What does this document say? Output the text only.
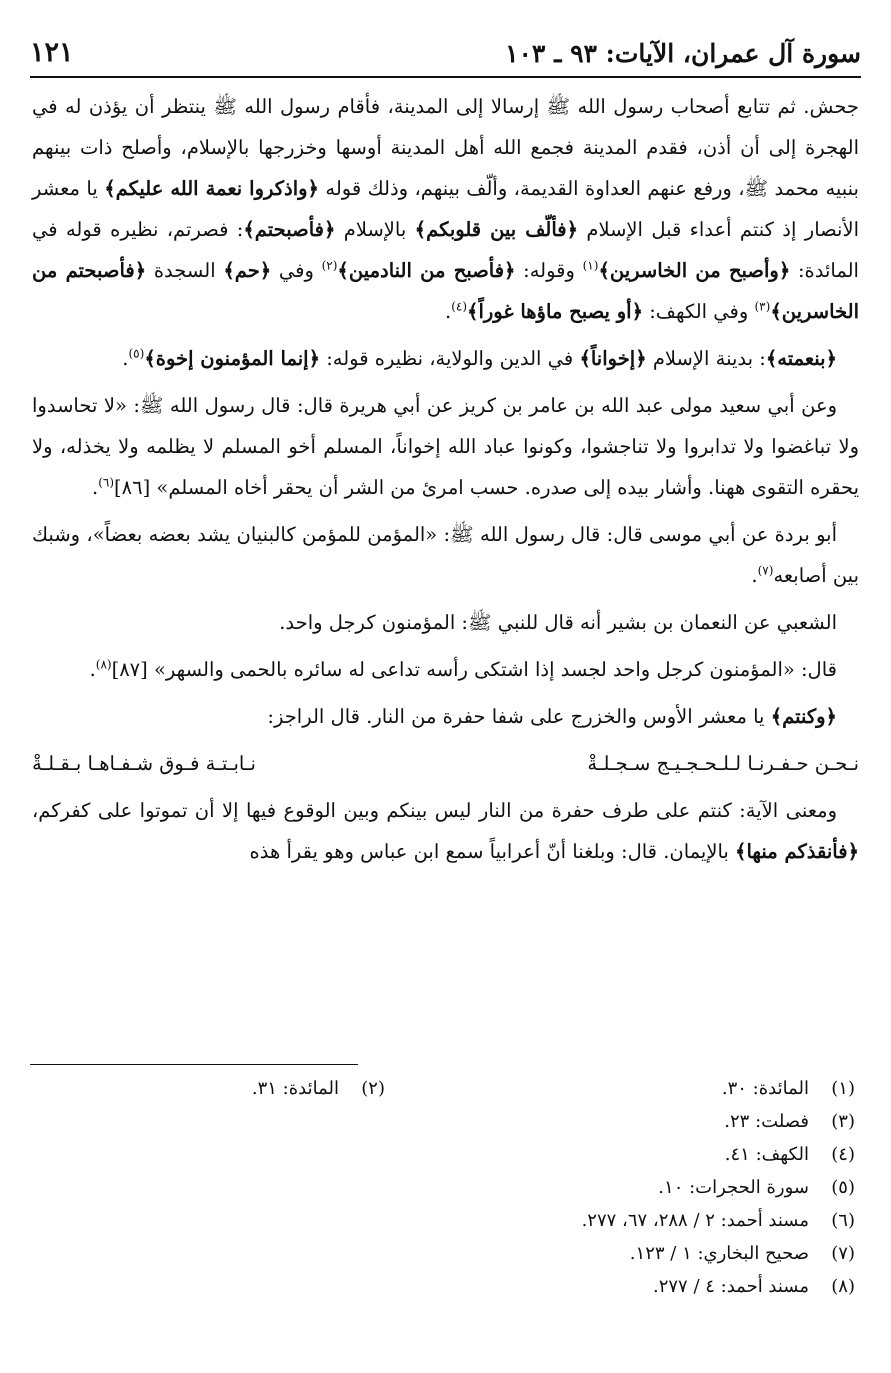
سورة آل عمران، الآيات: ٩٣ ـ ١٠٣
١٢١

جحش. ثم تتابع أصحاب رسول الله ﷺ إرسالا إلى المدينة، فأقام رسول الله ﷺ ينتظر أن يؤذن له في الهجرة إلى أن أذن، فقدم المدينة فجمع الله أهل المدينة أوسها وخزرجها بالإسلام، وأصلح ذات بينهم بنبيه محمد ﷺ، ورفع عنهم العداوة القديمة، وألّف بينهم، وذلك قوله ﴿واذكروا نعمة الله عليكم﴾ يا معشر الأنصار إذ كنتم أعداء قبل الإسلام ﴿فألّف بين قلوبكم﴾ بالإسلام ﴿فأصبحتم﴾: فصرتم، نظيره قوله في المائدة: ﴿وأصبح من الخاسرين﴾$^{(١)}$ وقوله: ﴿فأصبح من النادمين﴾$^{(٢)}$ وفي ﴿حم﴾ السجدة ﴿فأصبحتم من الخاسرين﴾$^{(٣)}$ وفي الكهف: ﴿أو يصبح ماؤها غوراً﴾$^{(٤)}$.

﴿بنعمته﴾: بدينة الإسلام ﴿إخواناً﴾ في الدين والولاية، نظيره قوله: ﴿إنما المؤمنون إخوة﴾$^{(٥)}$.

وعن أبي سعيد مولى عبد الله بن عامر بن كريز عن أبي هريرة قال: قال رسول الله ﷺ: «لا تحاسدوا ولا تباغضوا ولا تدابروا ولا تناجشوا، وكونوا عباد الله إخواناً، المسلم أخو المسلم لا يظلمه ولا يخذله، ولا يحقره التقوى ههنا. وأشار بيده إلى صدره. حسب امرئ من الشر أن يحقر أخاه المسلم» [٨٦]$^{(٦)}$.

أبو بردة عن أبي موسى قال: قال رسول الله ﷺ: «المؤمن للمؤمن كالبنيان يشد بعضه بعضاً»، وشبك بين أصابعه$^{(٧)}$.

الشعبي عن النعمان بن بشير أنه قال للنبي ﷺ: المؤمنون كرجل واحد.

قال: «المؤمنون كرجل واحد لجسد إذا اشتكى رأسه تداعى له سائره بالحمى والسهر» [٨٧]$^{(٨)}$.

﴿وكنتم﴾ يا معشر الأوس والخزرج على شفا حفرة من النار. قال الراجز:

نـحـن حـفـرنـا لـلـحـجـيـج سـجـلـةْ
نـابـتـة فـوق شـفـاهـا بـقـلـةْ

ومعنى الآية: كنتم على طرف حفرة من النار ليس بينكم وبين الوقوع فيها إلا أن تموتوا على كفركم، ﴿فأنقذكم منها﴾ بالإيمان. قال: وبلغنا أنّ أعرابياً سمع ابن عباس وهو يقرأ هذه

(١)
المائدة: ٣٠.
(٢)
المائدة: ٣١.
(٣)
فصلت: ٢٣.
(٤)
الكهف: ٤١.
(٥)
سورة الحجرات: ١٠.
(٦)
مسند أحمد: ٢ / ٢٨٨، ٦٧، ٢٧٧.
(٧)
صحيح البخاري: ١ / ١٢٣.
(٨)
مسند أحمد: ٤ / ٢٧٧.
